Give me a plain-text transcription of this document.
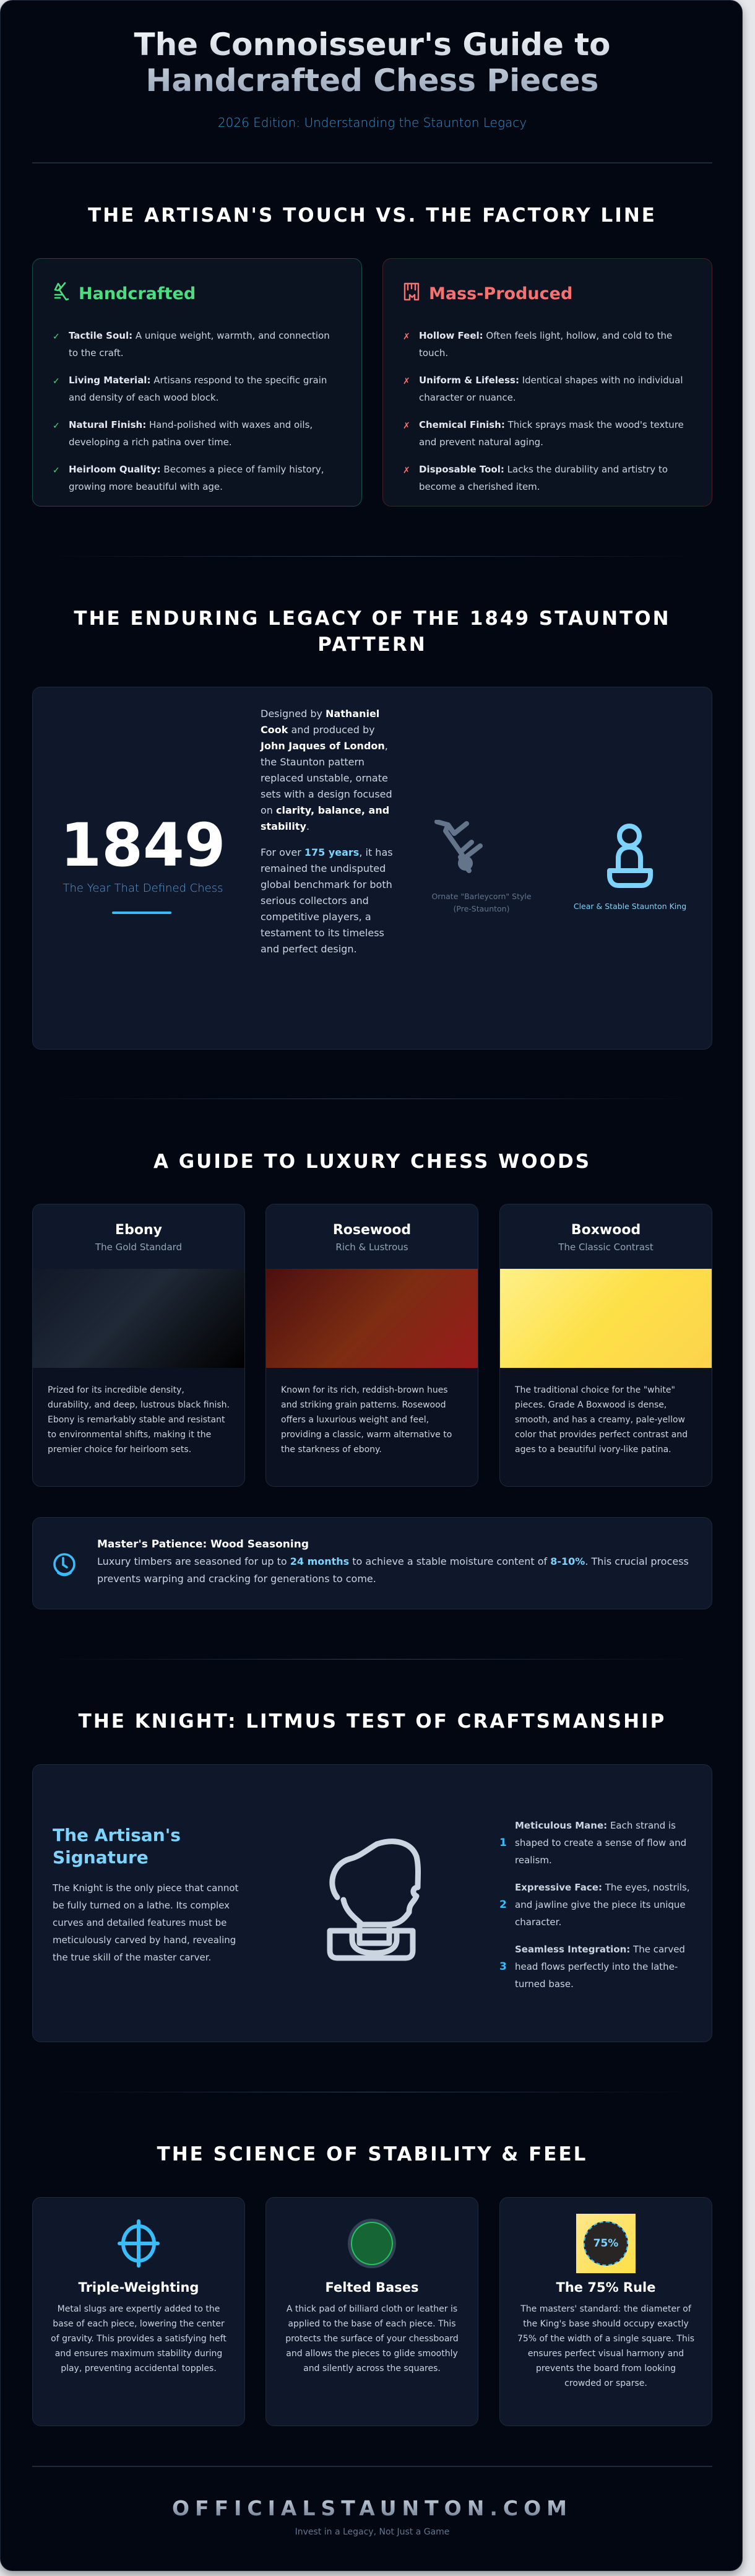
The Connoisseur's Guide to
Handcrafted Chess Pieces
2026 Edition: Understanding the Staunton Legacy
THE ARTISAN'S TOUCH VS. THE FACTORY LINE
Handcrafted
✓ Tactile Soul: A unique weight, warmth, and connection to the craft.
✓ Living Material: Artisans respond to the specific grain and density of each wood block.
✓ Natural Finish: Hand-polished with waxes and oils, developing a rich patina over time.
✓ Heirloom Quality: Becomes a piece of family history, growing more beautiful with age.
Mass-Produced
✗ Hollow Feel: Often feels light, hollow, and cold to the touch.
✗ Uniform & Lifeless: Identical shapes with no individual character or nuance.
✗ Chemical Finish: Thick sprays mask the wood's texture and prevent natural aging.
✗ Disposable Tool: Lacks the durability and artistry to become a cherished item.
THE ENDURING LEGACY OF THE 1849 STAUNTON PATTERN
1849
The Year That Defined Chess

Designed by Nathaniel Cook and produced by John Jaques of London, the Staunton pattern replaced unstable, ornate sets with a design focused on clarity, balance, and stability.

For over 175 years, it has remained the undisputed global benchmark for both serious collectors and competitive players, a testament to its timeless and perfect design.

Ornate "Barleycorn" Style (Pre-Staunton)	Clear & Stable Staunton King
A GUIDE TO LUXURY CHESS WOODS
Ebony
The Gold Standard
Prized for its incredible density, durability, and deep, lustrous black finish. Ebony is remarkably stable and resistant to environmental shifts, making it the premier choice for heirloom sets.
Rosewood
Rich & Lustrous
Known for its rich, reddish-brown hues and striking grain patterns. Rosewood offers a luxurious weight and feel, providing a classic, warm alternative to the starkness of ebony.
Boxwood
The Classic Contrast
The traditional choice for the "white" pieces. Grade A Boxwood is dense, smooth, and has a creamy, pale-yellow color that provides perfect contrast and ages to a beautiful ivory-like patina.
Master's Patience: Wood Seasoning
Luxury timbers are seasoned for up to 24 months to achieve a stable moisture content of 8-10%. This crucial process prevents warping and cracking for generations to come.
THE KNIGHT: LITMUS TEST OF CRAFTSMANSHIP
The Artisan's Signature
The Knight is the only piece that cannot be fully turned on a lathe. Its complex curves and detailed features must be meticulously carved by hand, revealing the true skill of the master carver.
1
Meticulous Mane: Each strand is shaped to create a sense of flow and realism.
2
Expressive Face: The eyes, nostrils, and jawline give the piece its unique character.
3
Seamless Integration: The carved head flows perfectly into the lathe-turned base.
THE SCIENCE OF STABILITY & FEEL
Triple-Weighting
Metal slugs are expertly added to the base of each piece, lowering the center of gravity. This provides a satisfying heft and ensures maximum stability during play, preventing accidental topples.
Felted Bases
A thick pad of billiard cloth or leather is applied to the base of each piece. This protects the surface of your chessboard and allows the pieces to glide smoothly and silently across the squares.
75%
The 75% Rule
The masters' standard: the diameter of the King's base should occupy exactly 75% of the width of a single square. This ensures perfect visual harmony and prevents the board from looking crowded or sparse.
OFFICIALSTAUNTON.COM
Invest in a Legacy, Not Just a Game
